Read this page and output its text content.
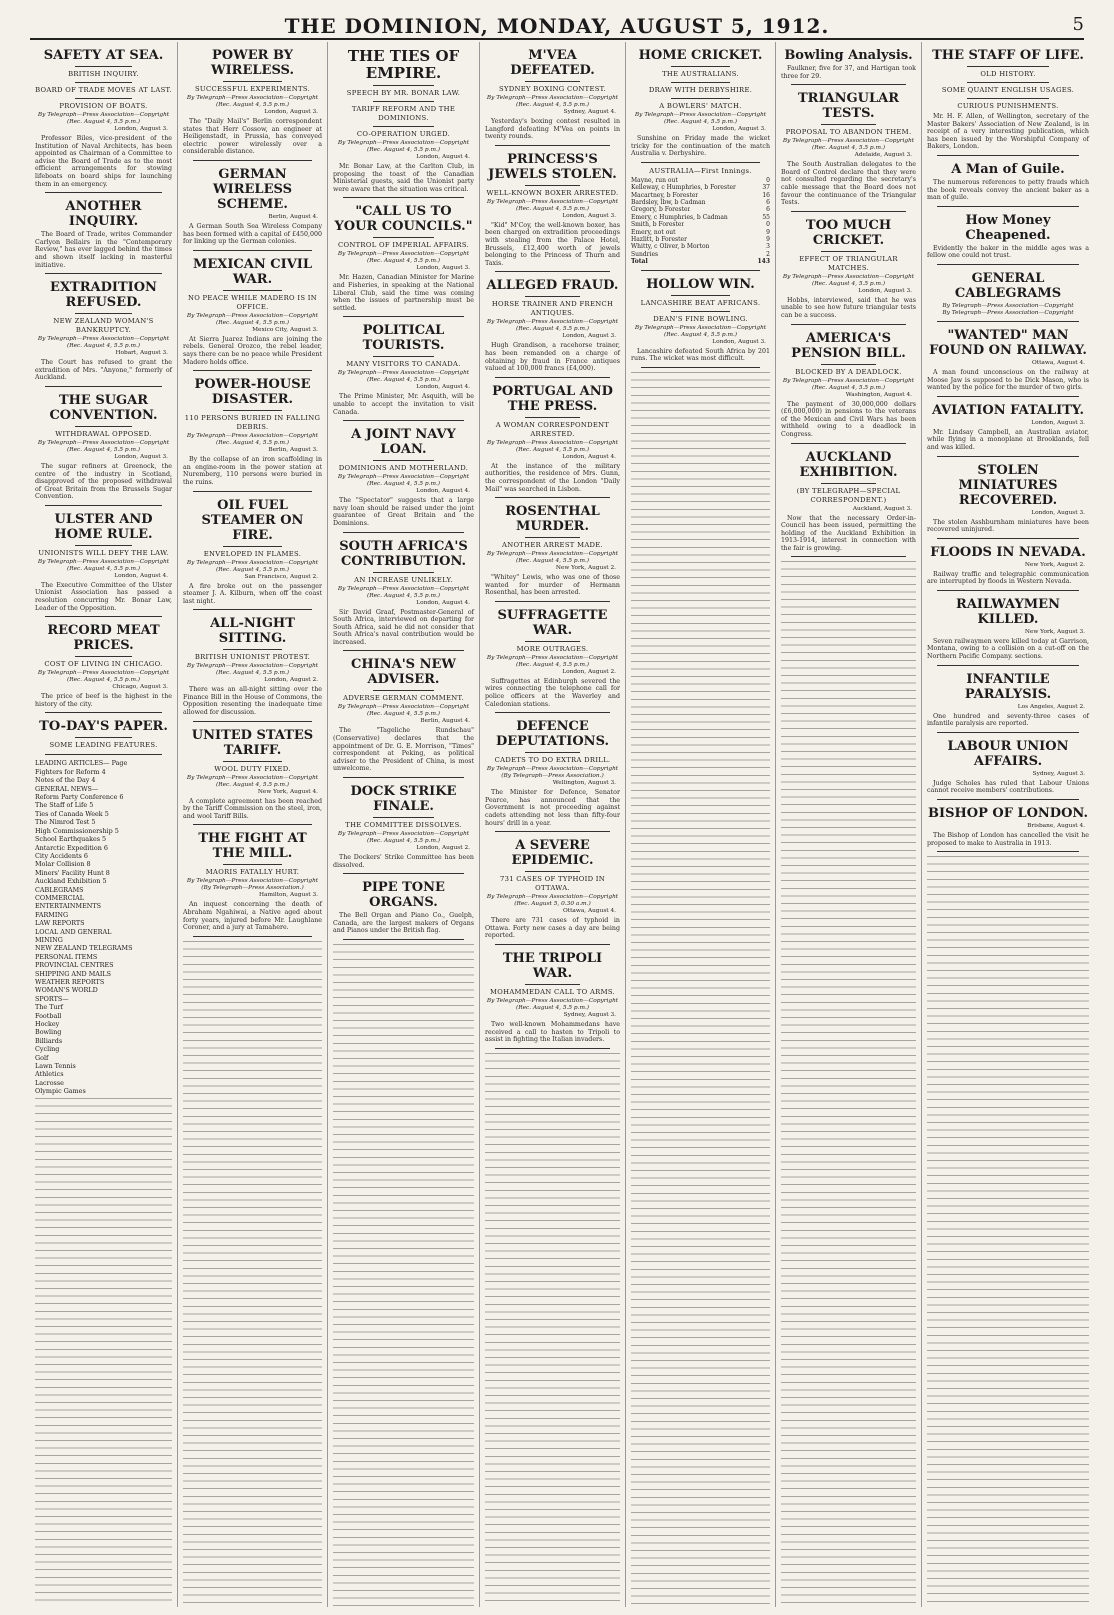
THE DOMINION, MONDAY, AUGUST 5, 1912.	5
SAFETY AT SEA.
BRITISH INQUIRY.
BOARD OF TRADE MOVES AT LAST.
PROVISION OF BOATS.
By Telegraph—Press Association—Copyright
(Rec. August 4, 5.5 p.m.)
London, August 3.
Professor Biles, vice-president of the Institution of Naval Architects, has been appointed as Chairman of a Committee to advise the Board of Trade as to the most efficient arrangements for stowing lifeboats on board ships for launching them in an emergency.
ANOTHER INQUIRY.
The Board of Trade, writes Commander Carlyon Bellairs in the "Contemporary Review," has ever lagged behind the times and shown itself lacking in masterful initiative.
EXTRADITION REFUSED.
NEW ZEALAND WOMAN'S BANKRUPTCY.
By Telegraph—Press Association—Copyright
(Rec. August 4, 5.5 p.m.)
Hobart, August 3.
The Court has refused to grant the extradition of Mrs. "Anyone," formerly of Auckland.
THE SUGAR CONVENTION.
WITHDRAWAL OPPOSED.
By Telegraph—Press Association—Copyright
(Rec. August 4, 5.5 p.m.)
London, August 3.
The sugar refiners at Greenock, the centre of the industry in Scotland, disapproved of the proposed withdrawal of Great Britain from the Brussels Sugar Convention.
ULSTER AND HOME RULE.
UNIONISTS WILL DEFY THE LAW.
By Telegraph—Press Association—Copyright
(Rec. August 4, 5.5 p.m.)
London, August 4.
The Executive Committee of the Ulster Unionist Association has passed a resolution concurring Mr. Bonar Law, Leader of the Opposition.
RECORD MEAT PRICES.
COST OF LIVING IN CHICAGO.
By Telegraph—Press Association—Copyright
(Rec. August 4, 5.5 p.m.)
Chicago, August 3.
The price of beef is the highest in the history of the city.
TO-DAY'S PAPER.
SOME LEADING FEATURES.
LEADING ARTICLES— Page
Fighters for Reform 4
Notes of the Day 4
GENERAL NEWS—
Reform Party Conference 6
The Staff of Life 5
Ties of Canada Week 5
The Nimrod Test 5
High Commissionership 5
School Earthquakes 5
Antarctic Expedition 6
City Accidents 6
Molar Collision 8
Miners' Facility Hunt 8
Auckland Exhibition 5
CABLEGRAMS
COMMERCIAL
ENTERTAINMENTS
FARMING
LAW REPORTS
LOCAL AND GENERAL
MINING
NEW ZEALAND TELEGRAMS
PERSONAL ITEMS
PROVINCIAL CENTRES
SHIPPING AND MAILS
WEATHER REPORTS
WOMAN'S WORLD
SPORTS—
The Turf
Football
Hockey
Bowling
Billiards
Cycling
Golf
Lawn Tennis
Athletics
Lacrosse
Olympic Games
POWER BY WIRELESS.
SUCCESSFUL EXPERIMENTS.
By Telegraph—Press Association—Copyright
(Rec. August 4, 5.5 p.m.)
London, August 3.
The "Daily Mail's" Berlin correspondent states that Herr Cossow, an engineer at Heiligenstadt, in Prussia, has conveyed electric power wirelessly over a considerable distance.
GERMAN WIRELESS SCHEME.
Berlin, August 4.
A German South Sea Wireless Company has been formed with a capital of £450,000 for linking up the German colonies.
MEXICAN CIVIL WAR.
NO PEACE WHILE MADERO IS IN OFFICE.
By Telegraph—Press Association—Copyright
(Rec. August 4, 5.5 p.m.)
Mexico City, August 3.
At Sierra Juarez Indians are joining the rebels. General Orozco, the rebel leader, says there can be no peace while President Madero holds office.
POWER-HOUSE DISASTER.
110 PERSONS BURIED IN FALLING DEBRIS.
By Telegraph—Press Association—Copyright
(Rec. August 4, 5.5 p.m.)
Berlin, August 3.
By the collapse of an iron scaffolding in an engine-room in the power station at Nuremberg, 110 persons were buried in the ruins.
OIL FUEL STEAMER ON FIRE.
ENVELOPED IN FLAMES.
By Telegraph—Press Association—Copyright
(Rec. August 4, 5.5 p.m.)
San Francisco, August 2.
A fire broke out on the passenger steamer J. A. Kilburn, when off the coast last night.
ALL-NIGHT SITTING.
BRITISH UNIONIST PROTEST.
By Telegraph—Press Association—Copyright
(Rec. August 4, 5.5 p.m.)
London, August 2.
There was an all-night sitting over the Finance Bill in the House of Commons, the Opposition resenting the inadequate time allowed for discussion.
UNITED STATES TARIFF.
WOOL DUTY FIXED.
By Telegraph—Press Association—Copyright
(Rec. August 4, 5.5 p.m.)
New York, August 4.
A complete agreement has been reached by the Tariff Commission on the steel, iron, and wool Tariff Bills.
THE FIGHT AT THE MILL.
MAORIS FATALLY HURT.
By Telegraph—Press Association—Copyright
(By Telegraph—Press Association.)
Hamilton, August 3.
An inquest concerning the death of Abraham Ngahiwai, a Native aged about forty years, injured before Mr. Laughlane Coroner, and a jury at Tamahere.
THE TIES OF EMPIRE.
SPEECH BY MR. BONAR LAW.
TARIFF REFORM AND THE DOMINIONS.
CO-OPERATION URGED.
By Telegraph—Press Association—Copyright
(Rec. August 4, 5.5 p.m.)
London, August 4.
Mr. Bonar Law, at the Carlton Club, in proposing the toast of the Canadian Ministerial guests, said the Unionist party were aware that the situation was critical.
"CALL US TO YOUR COUNCILS."
CONTROL OF IMPERIAL AFFAIRS.
By Telegraph—Press Association—Copyright
(Rec. August 4, 5.5 p.m.)
London, August 3.
Mr. Hazen, Canadian Minister for Marine and Fisheries, in speaking at the National Liberal Club, said the time was coming when the issues of partnership must be settled.
POLITICAL TOURISTS.
MANY VISITORS TO CANADA.
By Telegraph—Press Association—Copyright
(Rec. August 4, 5.5 p.m.)
London, August 4.
The Prime Minister, Mr. Asquith, will be unable to accept the invitation to visit Canada.
A JOINT NAVY LOAN.
DOMINIONS AND MOTHERLAND.
By Telegraph—Press Association—Copyright
(Rec. August 4, 5.5 p.m.)
London, August 4.
The "Spectator" suggests that a large navy loan should be raised under the joint guarantee of Great Britain and the Dominions.
SOUTH AFRICA'S CONTRIBUTION.
AN INCREASE UNLIKELY.
By Telegraph—Press Association—Copyright
(Rec. August 4, 5.5 p.m.)
London, August 4.
Sir David Graaf, Postmaster-General of South Africa, interviewed on departing for South Africa, said he did not consider that South Africa's naval contribution would be increased.
CHINA'S NEW ADVISER.
ADVERSE GERMAN COMMENT.
By Telegraph—Press Association—Copyright
(Rec. August 4, 5.5 p.m.)
Berlin, August 4.
The "Tageliche Rundschau" (Conservative) declares that the appointment of Dr. G. E. Morrison, "Times" correspondent at Peking, as political adviser to the President of China, is most unwelcome.
DOCK STRIKE FINALE.
THE COMMITTEE DISSOLVES.
By Telegraph—Press Association—Copyright
(Rec. August 4, 5.5 p.m.)
London, August 2.
The Dockers' Strike Committee has been dissolved.
PIPE TONE ORGANS.
The Bell Organ and Piano Co., Guelph, Canada, are the largest makers of Organs and Pianos under the British flag.
M'VEA DEFEATED.
SYDNEY BOXING CONTEST.
By Telegraph—Press Association—Copyright
(Rec. August 4, 5.5 p.m.)
Sydney, August 4.
Yesterday's boxing contest resulted in Langford defeating M'Vea on points in twenty rounds.
PRINCESS'S JEWELS STOLEN.
WELL-KNOWN BOXER ARRESTED.
By Telegraph—Press Association—Copyright
(Rec. August 4, 5.5 p.m.)
London, August 3.
"Kid" M'Coy, the well-known boxer, has been charged on extradition proceedings with stealing from the Palace Hotel, Brussels, £12,400 worth of jewels belonging to the Princess of Thurn and Taxis.
ALLEGED FRAUD.
HORSE TRAINER AND FRENCH ANTIQUES.
By Telegraph—Press Association—Copyright
(Rec. August 4, 5.5 p.m.)
London, August 3.
Hugh Grandison, a racehorse trainer, has been remanded on a charge of obtaining by fraud in France antiques valued at 100,000 francs (£4,000).
PORTUGAL AND THE PRESS.
A WOMAN CORRESPONDENT ARRESTED.
By Telegraph—Press Association—Copyright
(Rec. August 4, 5.5 p.m.)
London, August 4.
At the instance of the military authorities, the residence of Mrs. Gunn, the correspondent of the London "Daily Mail" was searched in Lisbon.
ROSENTHAL MURDER.
ANOTHER ARREST MADE.
By Telegraph—Press Association—Copyright
(Rec. August 4, 5.5 p.m.)
New York, August 2.
"Whitey" Lewis, who was one of those wanted for murder of Hermann Rosenthal, has been arrested.
SUFFRAGETTE WAR.
MORE OUTRAGES.
By Telegraph—Press Association—Copyright
(Rec. August 4, 5.5 p.m.)
London, August 2.
Suffragettes at Edinburgh severed the wires connecting the telephone call for police officers at the Waverley and Caledonian stations.
DEFENCE DEPUTATIONS.
CADETS TO DO EXTRA DRILL.
By Telegraph—Press Association—Copyright
(By Telegraph—Press Association.)
Wellington, August 3.
The Minister for Defence, Senator Pearce, has announced that the Government is not proceeding against cadets attending not less than fifty-four hours' drill in a year.
A SEVERE EPIDEMIC.
731 CASES OF TYPHOID IN OTTAWA.
By Telegraph—Press Association—Copyright
(Rec. August 5, 0.30 a.m.)
Ottawa, August 4.
There are 731 cases of typhoid in Ottawa. Forty new cases a day are being reported.
THE TRIPOLI WAR.
MOHAMMEDAN CALL TO ARMS.
By Telegraph—Press Association—Copyright
(Rec. August 4, 5.5 p.m.)
Sydney, August 3.
Two well-known Mohammedans have received a call to hasten to Tripoli to assist in fighting the Italian invaders.
HOME CRICKET.
THE AUSTRALIANS.
DRAW WITH DERBYSHIRE.
A BOWLERS' MATCH.
By Telegraph—Press Association—Copyright
(Rec. August 4, 5.5 p.m.)
London, August 3.
Sunshine on Friday made the wicket tricky for the continuation of the match Australia v. Derbyshire.
AUSTRALIA—First Innings.
Mayne, run out	0
Kelleway, c Humphries, b Forester	37
Macartney, b Forester	16
Bardsley, lbw, b Cadman	6
Gregory, b Forester	6
Emery, c Humphries, b Cadman	55
Smith, b Forester	0
Emery, not out	9
Hazlitt, b Forester	9
Whitty, c Oliver, b Morton	3
Sundries	2
Total	143
HOLLOW WIN.
LANCASHIRE BEAT AFRICANS.
DEAN'S FINE BOWLING.
By Telegraph—Press Association—Copyright
(Rec. August 4, 5.5 p.m.)
London, August 3.
Lancashire defeated South Africa by 201 runs. The wicket was most difficult.
Bowling Analysis.
Faulkner, five for 37, and Hartigan took three for 29.
TRIANGULAR TESTS.
PROPOSAL TO ABANDON THEM.
By Telegraph—Press Association—Copyright
(Rec. August 4, 5.5 p.m.)
Adelaide, August 3.
The South Australian delegates to the Board of Control declare that they were not consulted regarding the secretary's cable message that the Board does not favour the continuance of the Triangular Tests.
TOO MUCH CRICKET.
EFFECT OF TRIANGULAR MATCHES.
By Telegraph—Press Association—Copyright
(Rec. August 4, 5.5 p.m.)
London, August 3.
Hobbs, interviewed, said that he was unable to see how future triangular tests can be a success.
AMERICA'S PENSION BILL.
BLOCKED BY A DEADLOCK.
By Telegraph—Press Association—Copyright
(Rec. August 4, 5.5 p.m.)
Washington, August 4.
The payment of 30,000,000 dollars (£6,000,000) in pensions to the veterans of the Mexican and Civil Wars has been withheld owing to a deadlock in Congress.
AUCKLAND EXHIBITION.
(BY TELEGRAPH—SPECIAL CORRESPONDENT.)
Auckland, August 3.
Now that the necessary Order-in-Council has been issued, permitting the holding of the Auckland Exhibition in 1913-1914, interest in connection with the fair is growing.
THE STAFF OF LIFE.
OLD HISTORY.
SOME QUAINT ENGLISH USAGES.
CURIOUS PUNISHMENTS.
Mr. H. F. Allen, of Wellington, secretary of the Master Bakers' Association of New Zealand, is in receipt of a very interesting publication, which has been issued by the Worshipful Company of Bakers, London.
A Man of Guile.
The numerous references to petty frauds which the book reveals convey the ancient baker as a man of guile.
How Money Cheapened.
Evidently the baker in the middle ages was a fellow one could not trust.
GENERAL CABLEGRAMS
By Telegraph—Press Association—Copyright
By Telegraph—Press Association—Copyright
"WANTED" MAN FOUND ON RAILWAY.
Ottawa, August 4.
A man found unconscious on the railway at Moose Jaw is supposed to be Dick Mason, who is wanted by the police for the murder of two girls.
AVIATION FATALITY.
London, August 3.
Mr. Lindsay Campbell, an Australian aviator, while flying in a monoplane at Brooklands, fell and was killed.
STOLEN MINIATURES RECOVERED.
London, August 3.
The stolen Asshburnham miniatures have been recovered uninjured.
FLOODS IN NEVADA.
New York, August 2.
Railway traffic and telegraphic communication are interrupted by floods in Western Nevada.
RAILWAYMEN KILLED.
New York, August 3.
Seven railwaymen were killed today at Garrison, Montana, owing to a collision on a cut-off on the Northern Pacific Company. sections.
INFANTILE PARALYSIS.
Los Angeles, August 2.
One hundred and seventy-three cases of infantile paralysis are reported.
LABOUR UNION AFFAIRS.
Sydney, August 3.
Judge Scholes has ruled that Labour Unions cannot receive members' contributions.
BISHOP OF LONDON.
Brisbane, August 4.
The Bishop of London has cancelled the visit he proposed to make to Australia in 1913.
